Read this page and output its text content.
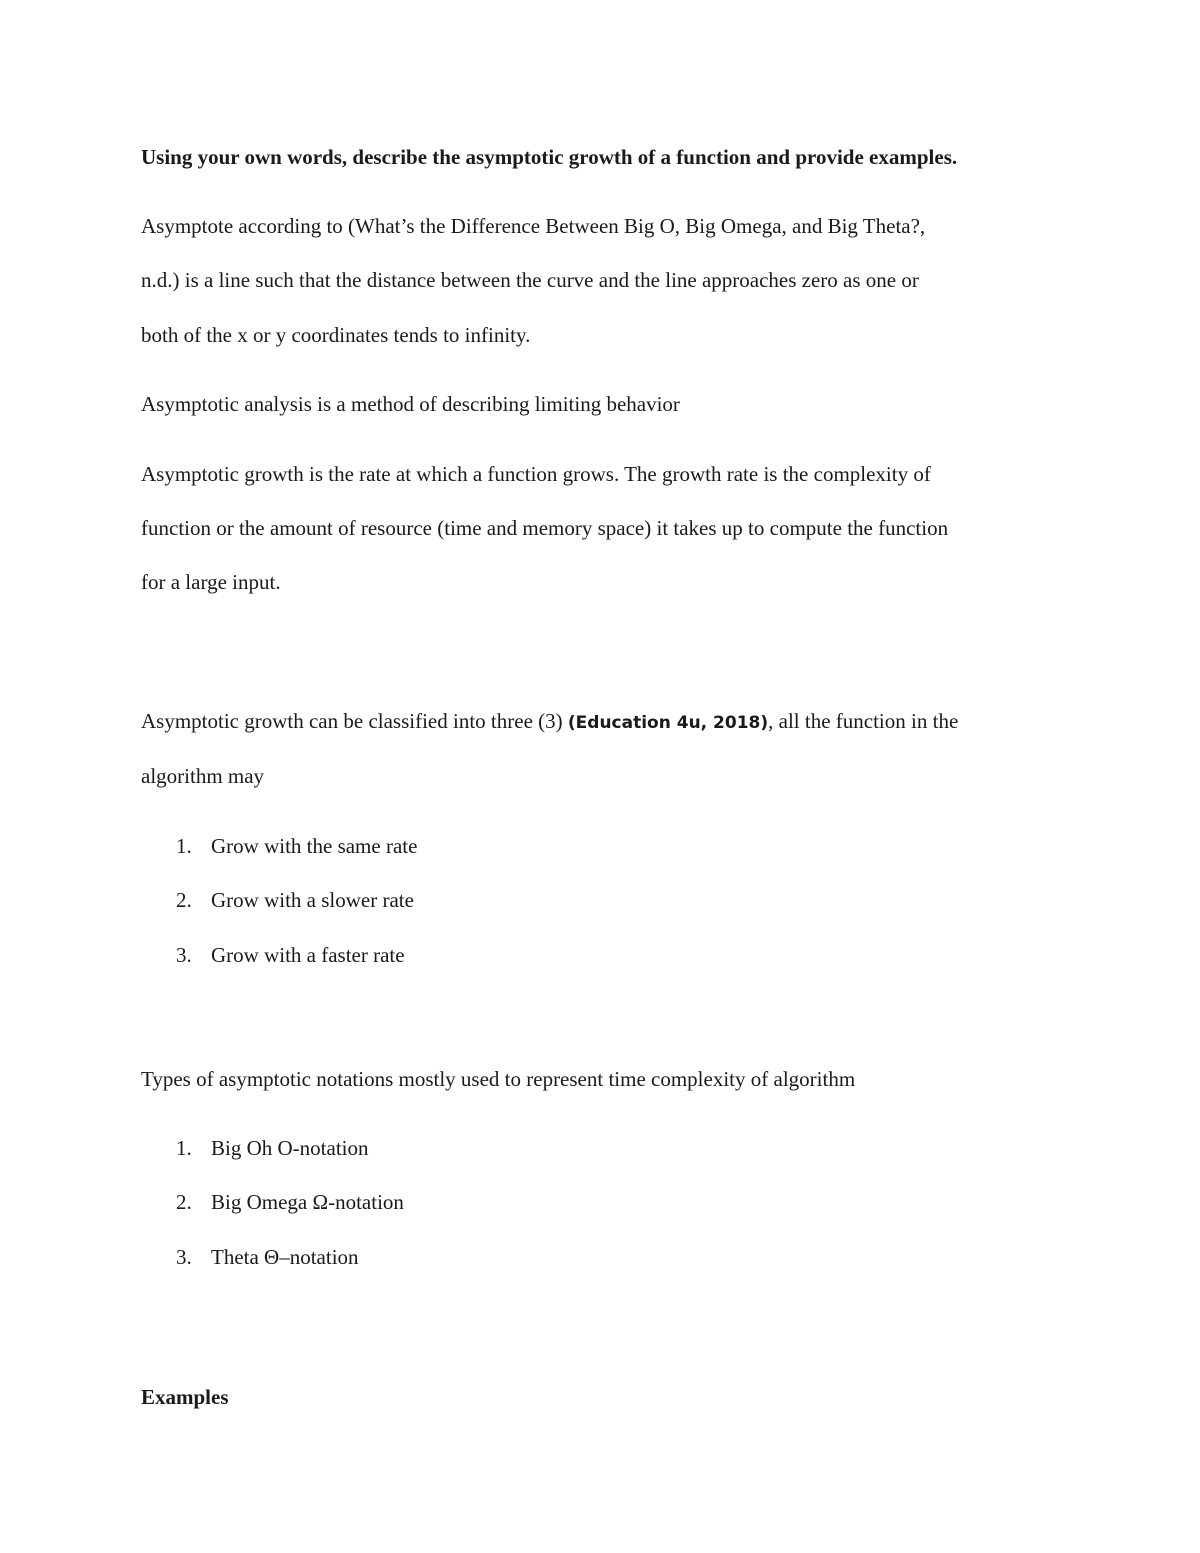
Using your own words, describe the asymptotic growth of a function and provide examples.
Asymptote according to (What’s the Difference Between Big O, Big Omega, and Big Theta?,
n.d.) is a line such that the distance between the curve and the line approaches zero as one or
both of the x or y coordinates tends to infinity.
Asymptotic analysis is a method of describing limiting behavior
Asymptotic growth is the rate at which a function grows. The growth rate is the complexity of
function or the amount of resource (time and memory space) it takes up to compute the function
for a large input.
Asymptotic growth can be classified into three (3) (Education 4u, 2018), all the function in the
algorithm may
1. Grow with the same rate
2. Grow with a slower rate
3. Grow with a faster rate
Types of asymptotic notations mostly used to represent time complexity of algorithm
1. Big Oh O-notation
2. Big Omega Ω-notation
3. Theta Θ–notation
Examples
